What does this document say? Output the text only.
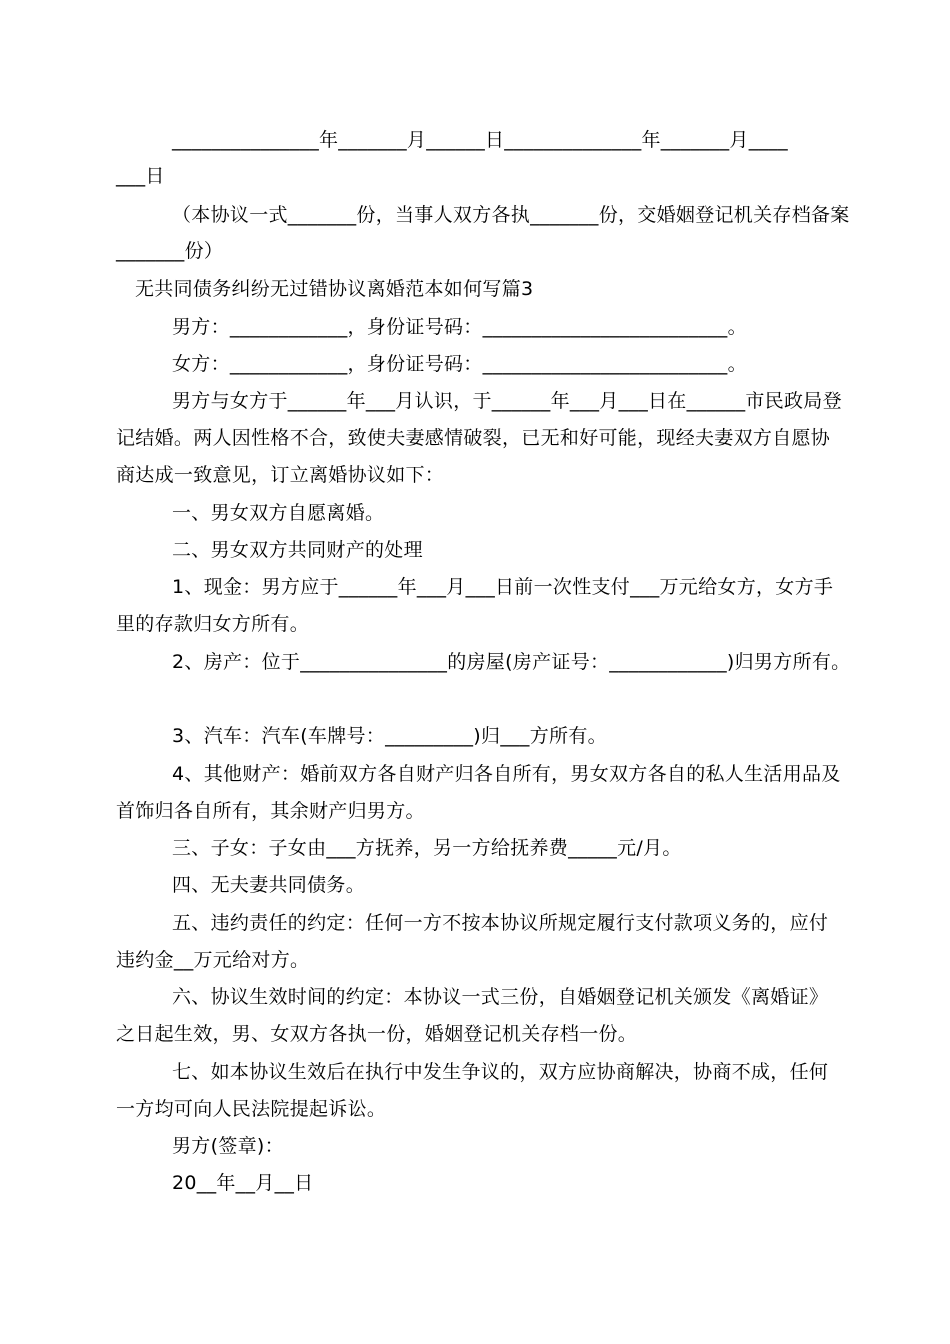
_______________年_______月______日______________年_______月____

___日

（本协议一式_______份，当事人双方各执_______份，交婚姻登记机关存档备案

_______份）

无共同债务纠纷无过错协议离婚范本如何写篇3

男方：____________，身份证号码：_________________________。

女方：____________，身份证号码：_________________________。

男方与女方于______年___月认识，于______年___月___日在______市民政局登

记结婚。两人因性格不合，致使夫妻感情破裂，已无和好可能，现经夫妻双方自愿协

商达成一致意见，订立离婚协议如下：

一、男女双方自愿离婚。

二、男女双方共同财产的处理

1、现金：男方应于______年___月___日前一次性支付___万元给女方，女方手

里的存款归女方所有。

2、房产：位于_______________的房屋(房产证号：____________)归男方所有。

3、汽车：汽车(车牌号：_________)归___方所有。

4、其他财产：婚前双方各自财产归各自所有，男女双方各自的私人生活用品及

首饰归各自所有，其余财产归男方。

三、子女：子女由___方抚养，另一方给抚养费_____元/月。

四、无夫妻共同债务。

五、违约责任的约定：任何一方不按本协议所规定履行支付款项义务的，应付

违约金__万元给对方。

六、协议生效时间的约定：本协议一式三份，自婚姻登记机关颁发《离婚证》

之日起生效，男、女双方各执一份，婚姻登记机关存档一份。

七、如本协议生效后在执行中发生争议的，双方应协商解决，协商不成，任何

一方均可向人民法院提起诉讼。

男方(签章)：

20__年__月__日
